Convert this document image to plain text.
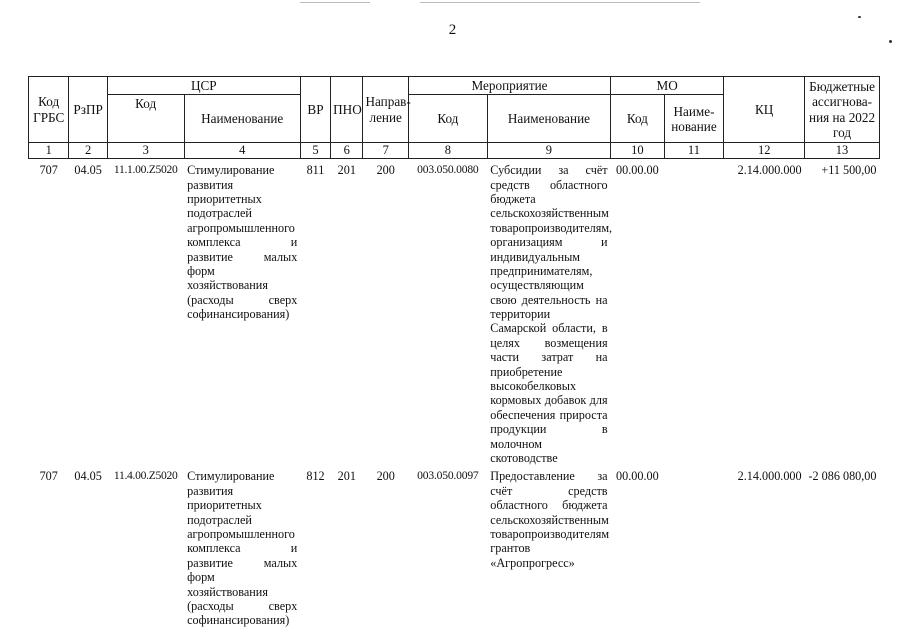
2
Код ГРБС	РзПР	ЦСР		ВР	ПНО	Направ-ление	Мероприятие		МО		КЦ	Бюджетные ассигнова-ния на 2022 год
		Код	Наименование				Код	Наименование	Код	Наиме-нование		
1	2	3	4	5	6	7	8	9	10	11	12	13
707	04.05	11.1.00.Z5020	Стимулирование развития приоритетных подотраслей агропромышленного комплекса и развитие малых форм хозяйствования (расходы сверх софинансирования)	811	201	200	003.050.0080	Субсидии за счёт средств областного бюджета сельскохозяйственным товаропроизводителям, организациям и индивидуальным предпринимателям, осуществляющим свою деятельность на территории Самарской области, в целях возмещения части затрат на приобретение высокобелковых кормовых добавок для обеспечения прироста продукции в молочном скотоводстве	00.00.00		2.14.000.000	+11 500,00
707	04.05	11.4.00.Z5020	Стимулирование развития приоритетных подотраслей агропромышленного комплекса и развитие малых форм хозяйствования (расходы сверх софинансирования)	812	201	200	003.050.0097	Предоставление за счёт средств областного бюджета сельскохозяйственным товаропроизводителям грантов «Агропрогресс»	00.00.00		2.14.000.000	-2 086 080,00
